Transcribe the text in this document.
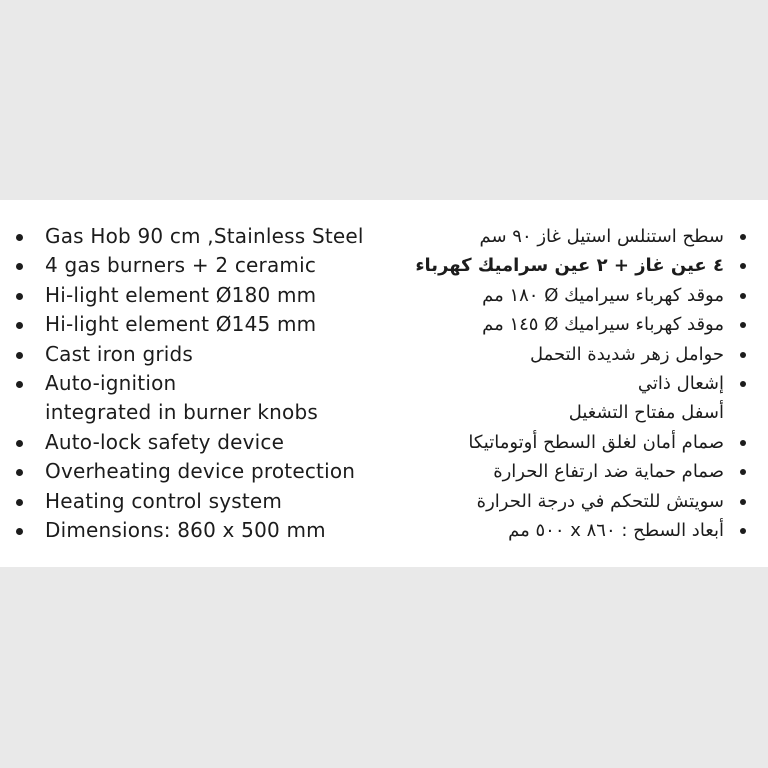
Gas Hob 90 cm ,Stainless Steel
4 gas burners + 2 ceramic
Hi-light element Ø180 mm
Hi-light element Ø145 mm
Cast iron grids
Auto-ignition
integrated in burner knobs
Auto-lock safety device
Overheating device protection
Heating control system
Dimensions: 860 x 500 mm
سطح استنلس استيل غاز ٩٠ سم
٤ عين غاز + ٢ عين سراميك كهرباء
موقد كهرباء سيراميك Ø ١٨٠ مم
موقد كهرباء سيراميك Ø ١٤٥ مم
حوامل زهر شديدة التحمل
إشعال ذاتي
أسفل مفتاح التشغيل
صمام أمان لغلق السطح أوتوماتيكا
صمام حماية ضد ارتفاع الحرارة
سويتش للتحكم في درجة الحرارة
أبعاد السطح : ٨٦٠ x ٥٠٠ مم
